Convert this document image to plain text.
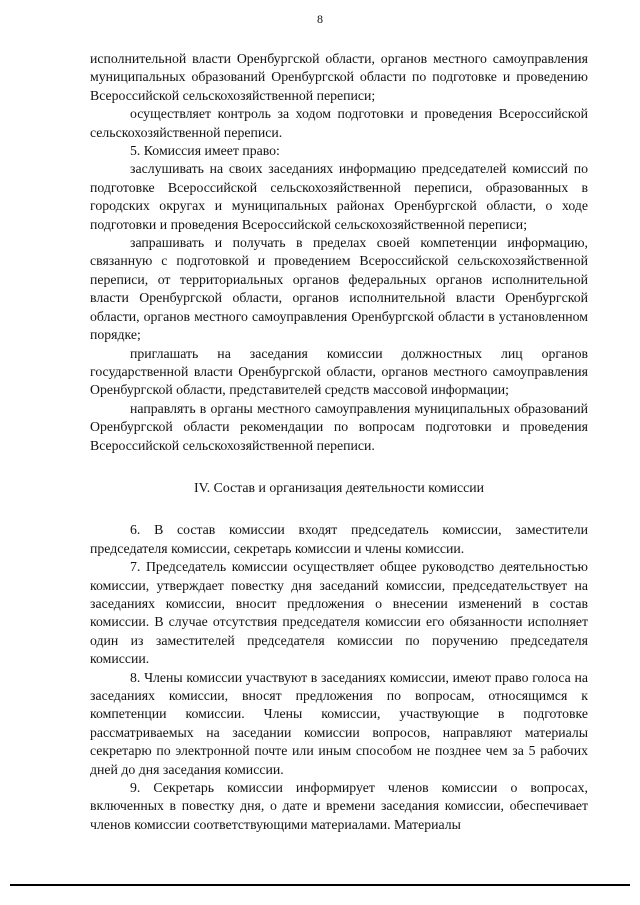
8

исполнительной власти Оренбургской области, органов местного самоуправления муниципальных образований Оренбургской области по подготовке и проведению Всероссийской сельскохозяйственной переписи;

осуществляет контроль за ходом подготовки и проведения Всероссийской сельскохозяйственной переписи.

5. Комиссия имеет право:

заслушивать на своих заседаниях информацию председателей комиссий по подготовке Всероссийской сельскохозяйственной переписи, образованных в городских округах и муниципальных районах Оренбургской области, о ходе подготовки и проведения Всероссийской сельскохозяйственной переписи;

запрашивать и получать в пределах своей компетенции информацию, связанную с подготовкой и проведением Всероссийской сельскохозяйственной переписи, от территориальных органов федеральных органов исполнительной власти Оренбургской области, органов исполнительной власти Оренбургской области, органов местного самоуправления Оренбургской области в установленном порядке;

приглашать на заседания комиссии должностных лиц органов государственной власти Оренбургской области, органов местного самоуправления Оренбургской области, представителей средств массовой информации;

направлять в органы местного самоуправления муниципальных образований Оренбургской области рекомендации по вопросам подготовки и проведения Всероссийской сельскохозяйственной переписи.

IV. Состав и организация деятельности комиссии

6. В состав комиссии входят председатель комиссии, заместители председателя комиссии, секретарь комиссии и члены комиссии.

7. Председатель комиссии осуществляет общее руководство деятельностью комиссии, утверждает повестку дня заседаний комиссии, председательствует на заседаниях комиссии, вносит предложения о внесении изменений в состав комиссии. В случае отсутствия председателя комиссии его обязанности исполняет один из заместителей председателя комиссии по поручению председателя комиссии.

8. Члены комиссии участвуют в заседаниях комиссии, имеют право голоса на заседаниях комиссии, вносят предложения по вопросам, относящимся к компетенции комиссии. Члены комиссии, участвующие в подготовке рассматриваемых на заседании комиссии вопросов, направляют материалы секретарю по электронной почте или иным способом не позднее чем за 5 рабочих дней до дня заседания комиссии.

9. Секретарь комиссии информирует членов комиссии о вопросах, включенных в повестку дня, о дате и времени заседания комиссии, обеспечивает членов комиссии соответствующими материалами. Материалы
